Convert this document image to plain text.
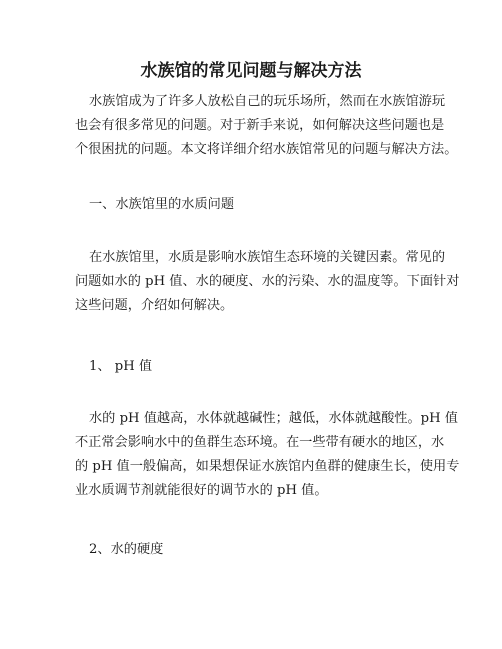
水族馆的常见问题与解决方法
水族馆成为了许多人放松自己的玩乐场所，然而在水族馆游玩
也会有很多常见的问题。对于新手来说，如何解决这些问题也是
个很困扰的问题。本文将详细介绍水族馆常见的问题与解决方法。
一、水族馆里的水质问题
在水族馆里，水质是影响水族馆生态环境的关键因素。常见的
问题如水的 pH 值、水的硬度、水的污染、水的温度等。下面针对
这些问题，介绍如何解决。
1、 pH 值
水的 pH 值越高，水体就越碱性；越低，水体就越酸性。pH 值
不正常会影响水中的鱼群生态环境。在一些带有硬水的地区，水
的 pH 值一般偏高，如果想保证水族馆内鱼群的健康生长，使用专
业水质调节剂就能很好的调节水的 pH 值。
2、水的硬度
